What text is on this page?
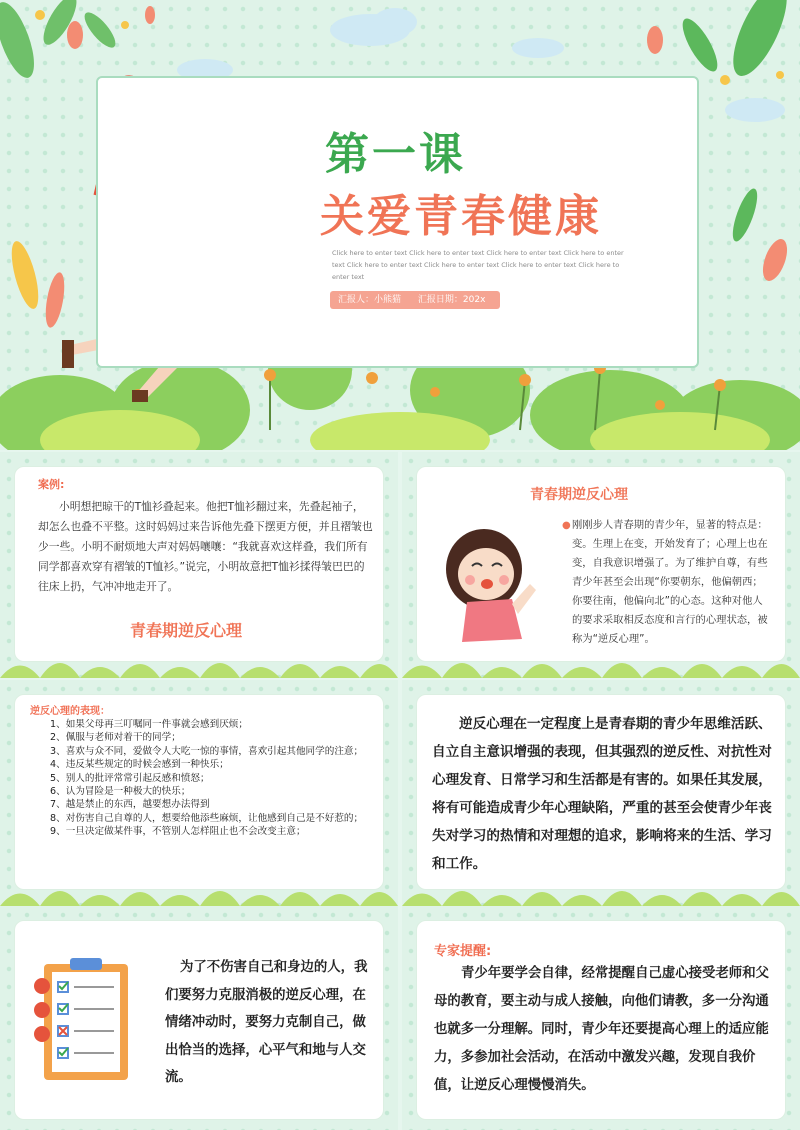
第一课
关爱青春健康
Click here to enter text Click here to enter text Click here to enter text Click here to enter text Click here to enter text Click here to enter text Click here to enter text Click here to enter text
汇报人：小熊猫 汇报日期：202x
案例:
小明想把晾干的T恤衫叠起来。他把T恤衫翻过来，先叠起袖子，却怎么也叠不平整。这时妈妈过来告诉他先叠下摆更方便，并且褶皱也少一些。小明不耐烦地大声对妈妈嚷嚷：“我就喜欢这样叠，我们所有同学都喜欢穿有褶皱的T恤衫。”说完，小明故意把T恤衫揉得皱巴巴的往床上扔，气冲冲地走开了。
青春期逆反心理
青春期逆反心理
● 刚刚步人青春期的青少年，显著的特点是：变。生理上在变，开始发育了；心理上也在变，自我意识增强了。为了维护自尊，有些青少年甚至会出现“你要朝东，他偏朝西；你要往南，他偏向北”的心态。这种对他人的要求采取相反态度和言行的心理状态，被称为“逆反心理”。
逆反心理的表现：
1、如果父母再三叮嘱同一件事就会感到厌烦；
2、佩服与老师对着干的同学；
3、喜欢与众不同，爱做令人大吃一惊的事情，喜欢引起其他同学的注意；
4、违反某些规定的时候会感到一种快乐；
5、别人的批评常常引起反感和愤怒；
6、认为冒险是一种极大的快乐；
7、越是禁止的东西，越要想办法得到
8、对伤害自己自尊的人，想要给他添些麻烦，让他感到自己是不好惹的；
9、一旦决定做某件事，不管别人怎样阻止也不会改变主意；
逆反心理在一定程度上是青春期的青少年思维活跃、自立自主意识增强的表现，但其强烈的逆反性、对抗性对心理发育、日常学习和生活都是有害的。如果任其发展，将有可能造成青少年心理缺陷，严重的甚至会使青少年丧失对学习的热情和对理想的追求，影响将来的生活、学习和工作。
为了不伤害自己和身边的人，我们要努力克服消极的逆反心理，在情绪冲动时，要努力克制自己，做出恰当的选择，心平气和地与人交流。
专家提醒:
青少年要学会自律，经常提醒自己虚心接受老师和父母的教育，要主动与成人接触，向他们请教，多一分沟通也就多一分理解。同时，青少年还要提高心理上的适应能力，多参加社会活动，在活动中激发兴趣，发现自我价值，让逆反心理慢慢消失。
